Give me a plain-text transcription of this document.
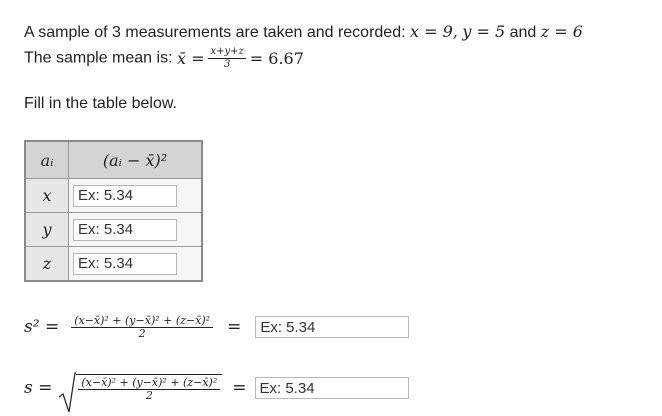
A sample of 3 measurements are taken and recorded: x = 9, y = 5 and z = 6
The sample mean is: x̄ = $\frac{x+y+z}{3} = 6.67$
Fill in the table below.
aᵢ	(aᵢ − x̄)²
x	Ex: 5.34
y	Ex: 5.34
z	Ex: 5.34
$s^2 = \frac{\text{(x−x̄)² + (y−x̄)² + (z−x̄)²}}{2}$ =
Ex: 5.34
$s = \frac{\text{(x−x̄)² + (y−x̄)² + (z−x̄)²}}{2}$ =
Ex: 5.34
